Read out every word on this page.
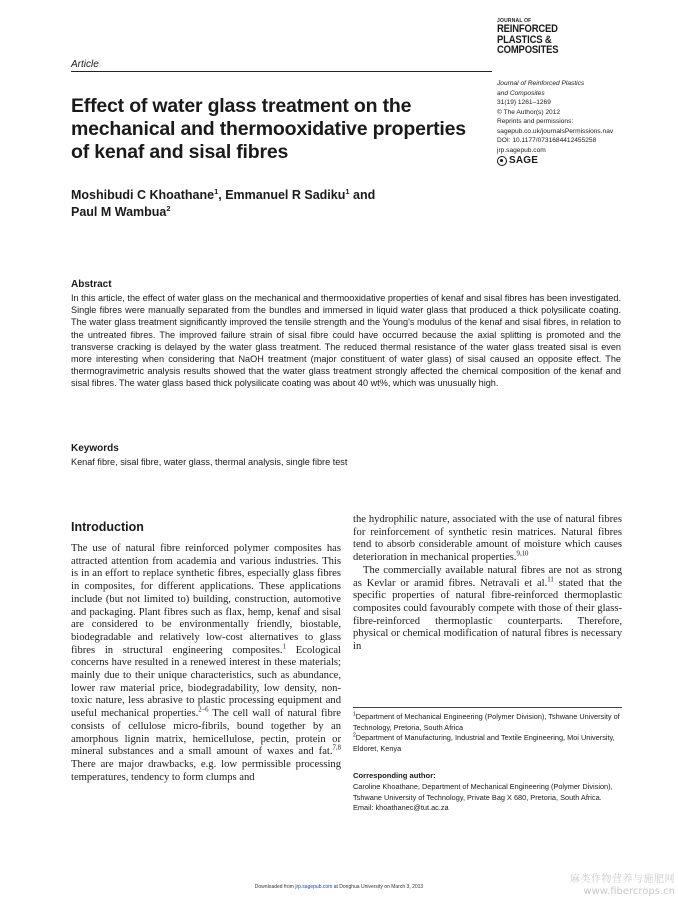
JOURNAL OF
REINFORCED
PLASTICS &
COMPOSITES
Article
Journal of Reinforced Plastics
and Composites
31(19) 1261–1269
© The Author(s) 2012
Reprints and permissions:
sagepub.co.uk/journalsPermissions.nav
DOI: 10.1177/0731684412455258
jrp.sagepub.com
SAGE
Effect of water glass treatment on the mechanical and thermooxidative properties of kenaf and sisal fibres
Moshibudi C Khoathane$^1$, Emmanuel R Sadiku$^1$ and
Paul M Wambua$^2$
Abstract
In this article, the effect of water glass on the mechanical and thermooxidative properties of kenaf and sisal fibres has been investigated. Single fibres were manually separated from the bundles and immersed in liquid water glass that produced a thick polysilicate coating. The water glass treatment significantly improved the tensile strength and the Young's modulus of the kenaf and sisal fibres, in relation to the untreated fibres. The improved failure strain of sisal fibre could have occurred because the axial splitting is promoted and the transverse cracking is delayed by the water glass treatment. The reduced thermal resistance of the water glass treated sisal is even more interesting when considering that NaOH treatment (major constituent of water glass) of sisal caused an opposite effect. The thermogravimetric analysis results showed that the water glass treatment strongly affected the chemical composition of the kenaf and sisal fibres. The water glass based thick polysilicate coating was about 40 wt%, which was unusually high.
Keywords
Kenaf fibre, sisal fibre, water glass, thermal analysis, single fibre test
Introduction

The use of natural fibre reinforced polymer composites has attracted attention from academia and various industries. This is in an effort to replace synthetic fibres, especially glass fibres in composites, for different applications. These applications include (but not limited to) building, construction, automotive and packaging. Plant fibres such as flax, hemp, kenaf and sisal are considered to be environmentally friendly, biostable, biodegradable and relatively low-cost alternatives to glass fibres in structural engineering composites.$^1$ Ecological concerns have resulted in a renewed interest in these materials; mainly due to their unique characteristics, such as abundance, lower raw material price, biodegradability, low density, non-toxic nature, less abrasive to plastic processing equipment and useful mechanical properties.$^{2-6}$ The cell wall of natural fibre consists of cellulose micro-fibrils, bound together by an amorphous lignin matrix, hemicellulose, pectin, protein or mineral substances and a small amount of waxes and fat.$^{7,8}$ There are major drawbacks, e.g. low permissible processing temperatures, tendency to form clumps and

the hydrophilic nature, associated with the use of natural fibres for reinforcement of synthetic resin matrices. Natural fibres tend to absorb considerable amount of moisture which causes deterioration in mechanical properties.$^{9,10}$

The commercially available natural fibres are not as strong as Kevlar or aramid fibres. Netravali et al.$^{11}$ stated that the specific properties of natural fibre-reinforced thermoplastic composites could favourably compete with those of their glass-fibre-reinforced thermoplastic counterparts. Therefore, physical or chemical modification of natural fibres is necessary in

$^1$Department of Mechanical Engineering (Polymer Division), Tshwane University of Technology, Pretoria, South Africa

$^2$Department of Manufacturing, Industrial and Textile Engineering, Moi University, Eldoret, Kenya

Corresponding author:
Caroline Khoathane, Department of Mechanical Engineering (Polymer Division), Tshwane University of Technology, Private Bag X 680, Pretoria, South Africa.
Email: khoathanec@tut.ac.za
Downloaded from jrp.sagepub.com at Donghua University on March 3, 2013
麻类作物营养与施肥网
www.fibercrops.cn
